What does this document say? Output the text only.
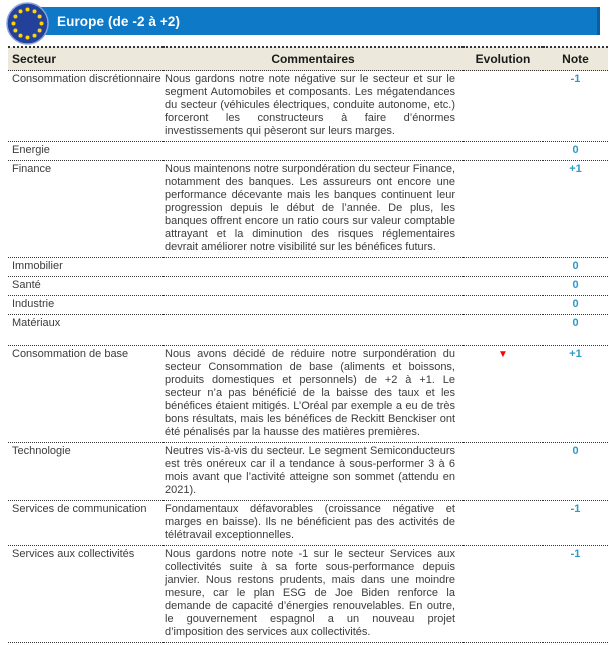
Europe (de -2 à +2)
Secteur	Commentaires	Evolution	Note
Consommation discrétionnaire	Nous gardons notre note négative sur le secteur et sur le segment Automobiles et composants. Les mégatendances du secteur (véhicules électriques, conduite autonome, etc.) forceront les constructeurs à faire d’énormes investissements qui pèseront sur leurs marges.		-1
Energie			0
Finance	Nous maintenons notre surpondération du secteur Finance, notamment des banques. Les assureurs ont encore une performance décevante mais les banques continuent leur progression depuis le début de l’année. De plus, les banques offrent encore un ratio cours sur valeur comptable attrayant et la diminution des risques réglementaires devrait améliorer notre visibilité sur les bénéfices futurs.		+1
Immobilier			0
Santé			0
Industrie			0
Matériaux			0
Consommation de base	Nous avons décidé de réduire notre surpondération du secteur Consommation de base (aliments et boissons, produits domestiques et personnels) de +2 à +1. Le secteur n’a pas bénéficié de la baisse des taux et les bénéfices étaient mitigés. L’Oréal par exemple a eu de très bons résultats, mais les bénéfices de Reckitt Benckiser ont été pénalisés par la hausse des matières premières.	▼	+1
Technologie	Neutres vis-à-vis du secteur. Le segment Semiconducteurs est très onéreux car il a tendance à sous-performer 3 à 6 mois avant que l’activité atteigne son sommet (attendu en 2021).		0
Services de communication	Fondamentaux défavorables (croissance négative et marges en baisse). Ils ne bénéficient pas des activités de télétravail exceptionnelles.		-1
Services aux collectivités	Nous gardons notre note -1 sur le secteur Services aux collectivités suite à sa forte sous-performance depuis janvier. Nous restons prudents, mais dans une moindre mesure, car le plan ESG de Joe Biden renforce la demande de capacité d’énergies renouvelables. En outre, le gouvernement espagnol a un nouveau projet d’imposition des services aux collectivités.		-1
